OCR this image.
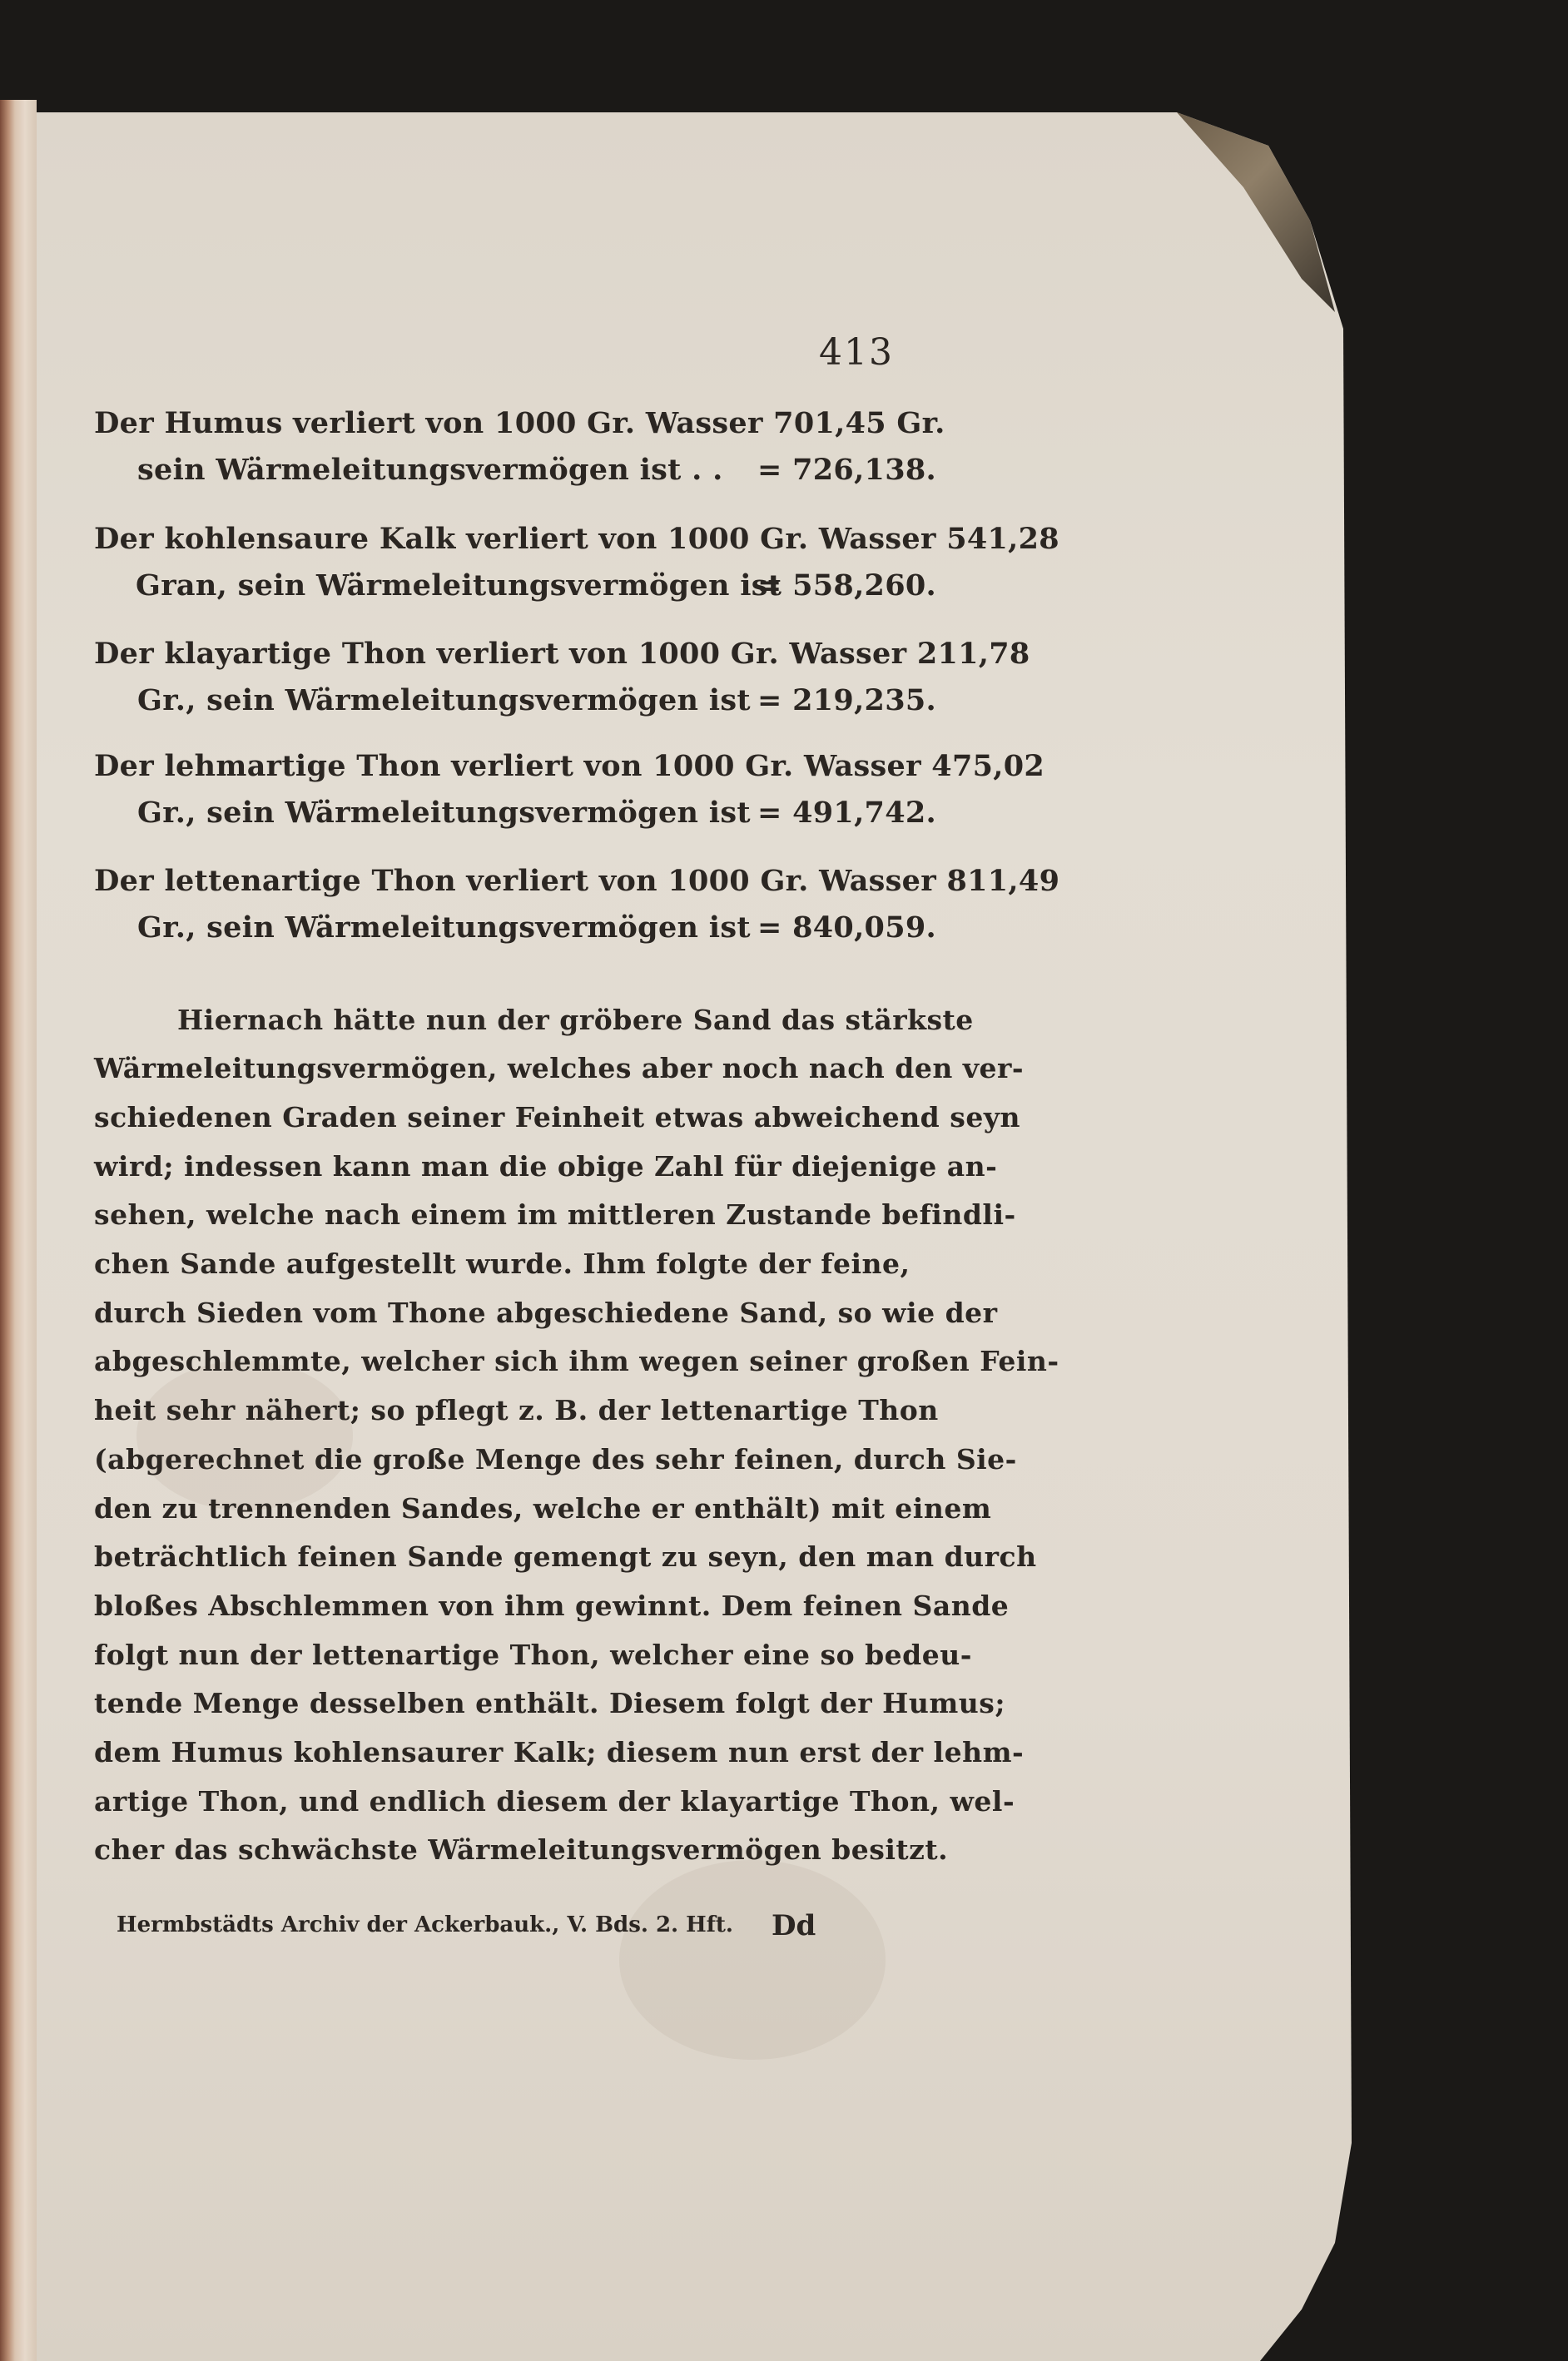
413
Der Humus verliert von 1000 Gr. Wasser 701,45 Gr.
sein Wärmeleitungsvermögen ist . . = 726,138.
Der kohlensaure Kalk verliert von 1000 Gr. Wasser 541,28
Gran, sein Wärmeleitungsvermögen ist
= 558,260.
Der klayartige Thon verliert von 1000 Gr. Wasser 211,78
Gr., sein Wärmeleitungsvermögen ist = 219,235.
Der lehmartige Thon verliert von 1000 Gr. Wasser 475,02
Gr., sein Wärmeleitungsvermögen ist = 491,742.
Der lettenartige Thon verliert von 1000 Gr. Wasser 811,49
Gr., sein Wärmeleitungsvermögen ist = 840,059.
Hiernach hätte nun der gröbere Sand das stärkste
Wärmeleitungsvermögen, welches aber noch nach den ver-
schiedenen Graden seiner Feinheit etwas abweichend seyn
wird; indessen kann man die obige Zahl für diejenige an-
sehen, welche nach einem im mittleren Zustande befindli-
chen Sande aufgestellt wurde. Ihm folgte der feine,
durch Sieden vom Thone abgeschiedene Sand, so wie der
abgeschlemmte, welcher sich ihm wegen seiner großen Fein-
heit sehr nähert; so pflegt z. B. der lettenartige Thon
(abgerechnet die große Menge des sehr feinen, durch Sie-
den zu trennenden Sandes, welche er enthält) mit einem
beträchtlich feinen Sande gemengt zu seyn, den man durch
bloßes Abschlemmen von ihm gewinnt. Dem feinen Sande
folgt nun der lettenartige Thon, welcher eine so bedeu-
tende Menge desselben enthält. Diesem folgt der Humus;
dem Humus kohlensaurer Kalk; diesem nun erst der lehm-
artige Thon, und endlich diesem der klayartige Thon, wel-
cher das schwächste Wärmeleitungsvermögen besitzt.
Hermbstädts Archiv der Ackerbauk., V. Bds. 2. Hft. Dd
